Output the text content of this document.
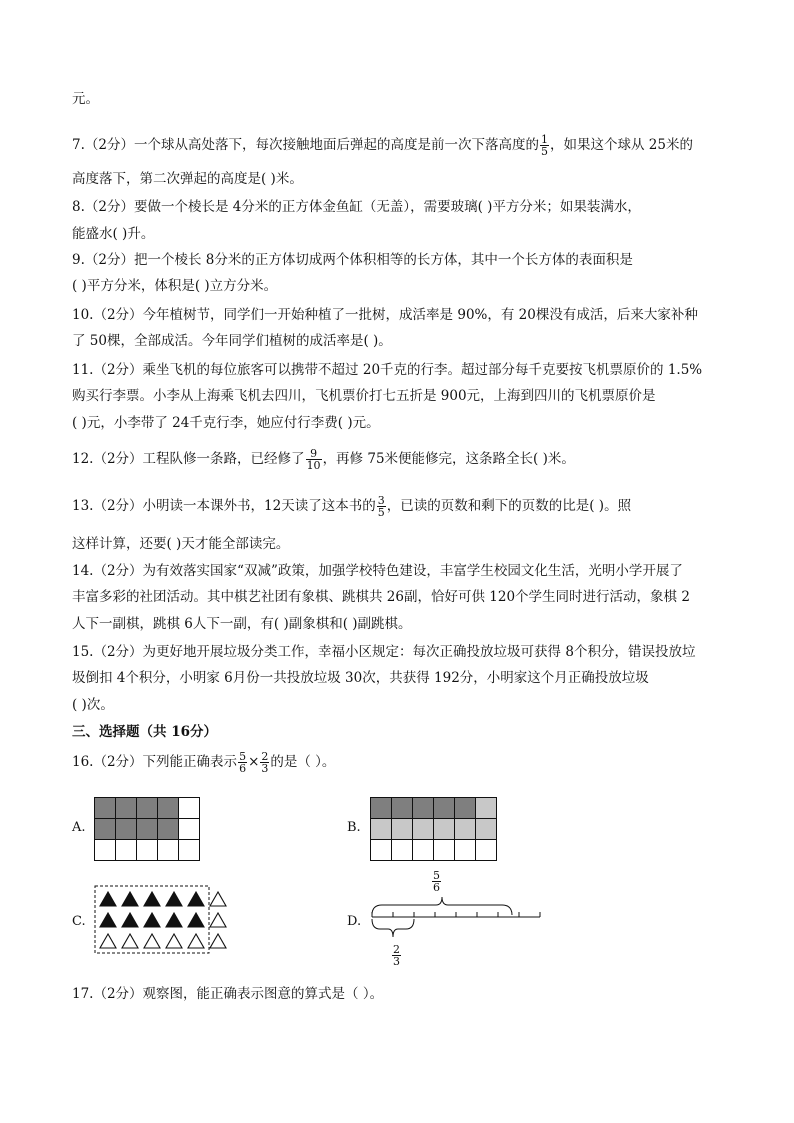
元。
7.（2分）一个球从高处落下，每次接触地面后弹起的高度是前一次下落高度的 $\frac{1}{5}$ ，如果这个球从 25米的
高度落下，第二次弹起的高度是( )米。
8.（2分）要做一个棱长是 4分米的正方体金鱼缸（无盖），需要玻璃( )平方分米；如果装满水，
能盛水( )升。
9.（2分）把一个棱长 8分米的正方体切成两个体积相等的长方体，其中一个长方体的表面积是
( )平方分米，体积是( )立方分米。
10.（2分）今年植树节，同学们一开始种植了一批树，成活率是 90%，有 20棵没有成活，后来大家补种
了 50棵，全部成活。今年同学们植树的成活率是( )。
11.（2分）乘坐飞机的每位旅客可以携带不超过 20千克的行李。超过部分每千克要按飞机票原价的 1.5%
购买行李票。小李从上海乘飞机去四川，飞机票价打七五折是 900元，上海到四川的飞机票原价是
( )元，小李带了 24千克行李，她应付行李费( )元。
12.（2分）工程队修一条路，已经修了 $\frac{9}{10}$ ，再修 75米便能修完，这条路全长( )米。
13.（2分）小明读一本课外书，12天读了这本书的 $\frac{3}{5}$ ，已读的页数和剩下的页数的比是( )。照
这样计算，还要( )天才能全部读完。
14.（2分）为有效落实国家“双减”政策，加强学校特色建设，丰富学生校园文化生活，光明小学开展了
丰富多彩的社团活动。其中棋艺社团有象棋、跳棋共 26副，恰好可供 120个学生同时进行活动，象棋 2
人下一副棋，跳棋 6人下一副，有( )副象棋和( )副跳棋。
15.（2分）为更好地开展垃圾分类工作，幸福小区规定：每次正确投放垃圾可获得 8个积分，错误投放垃
圾倒扣 4个积分，小明家 6月份一共投放垃圾 30次，共获得 192分，小明家这个月正确投放垃圾
( )次。
三、选择题（共 16分）
16.（2分）下列能正确表示 $\frac{5}{6} \times \frac{2}{3}$ 的是（ ）。
A.	B.
C.	D.
$\frac{5}{6}$
$\frac{2}{3}$
17.（2分）观察图，能正确表示图意的算式是（ ）。
